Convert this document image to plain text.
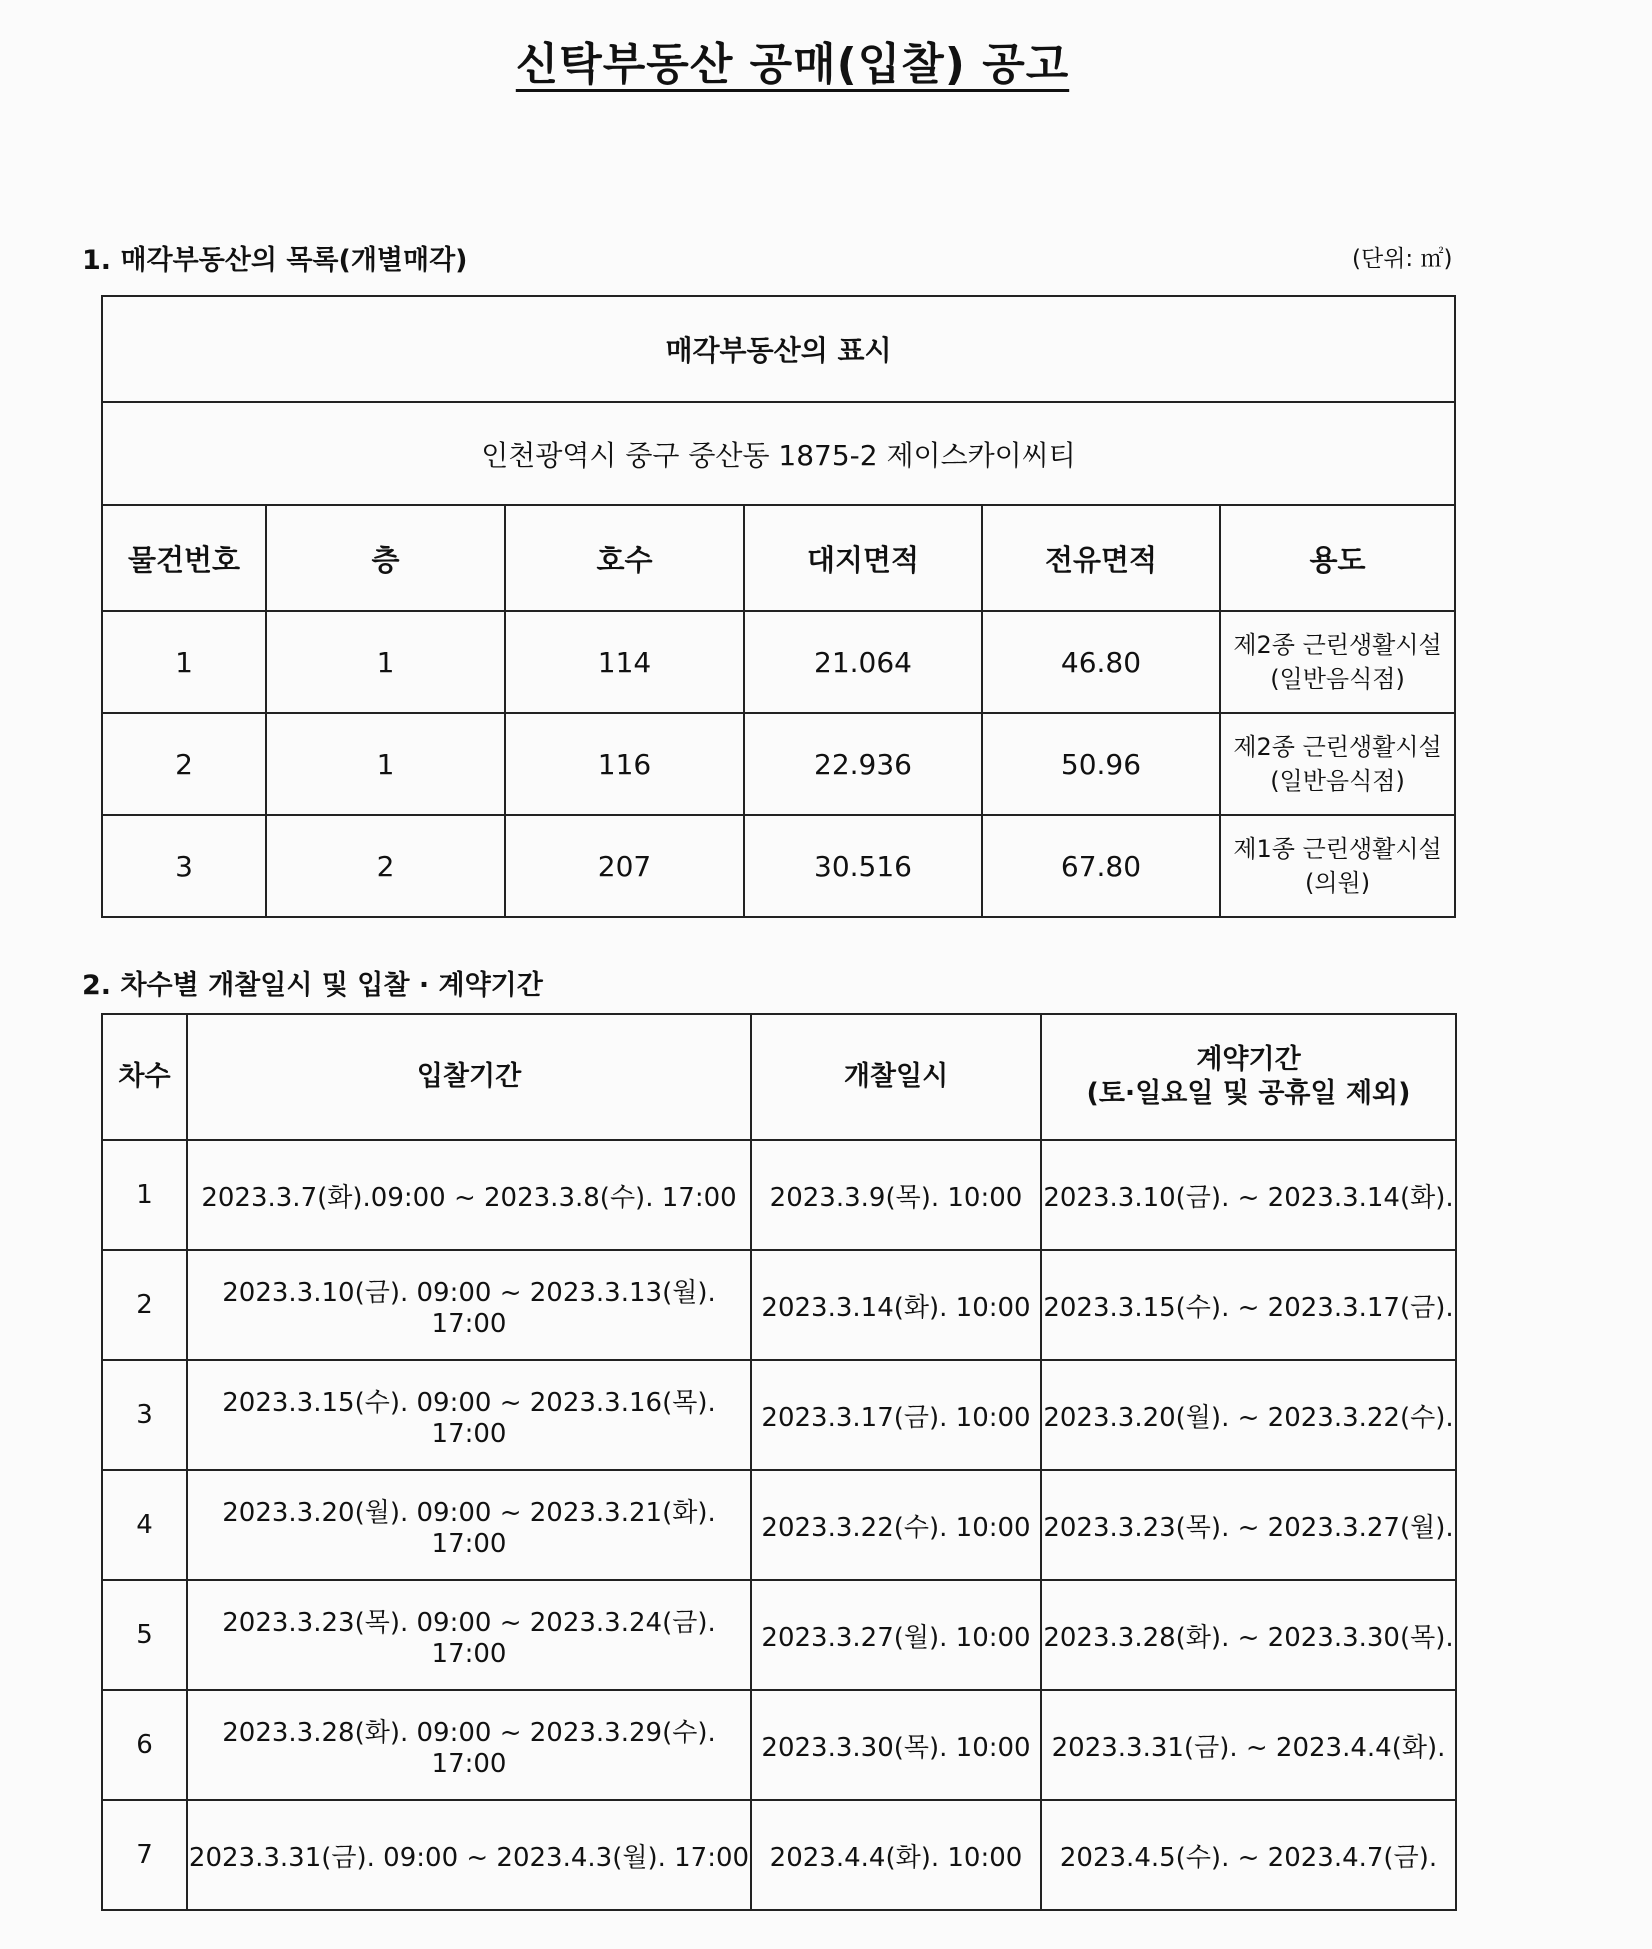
신탁부동산 공매(입찰) 공고
1. 매각부동산의 목록(개별매각)	(단위: ㎡)
매각부동산의 표시					
인천광역시 중구 중산동 1875-2 제이스카이씨티					
물건번호	층	호수	대지면적	전유면적	용도
1	1	114	21.064	46.80	제2종 근린생활시설
(일반음식점)

2	1	116	22.936	50.96	제2종 근린생활시설
(일반음식점)

3	2	207	30.516	67.80	제1종 근린생활시설
(의원)
2. 차수별 개찰일시 및 입찰 · 계약기간
차수	입찰기간	개찰일시	계약기간
(토·일요일 및 공휴일 제외)

1	2023.3.7(화).09:00 ~ 2023.3.8(수). 17:00	2023.3.9(목). 10:00	2023.3.10(금). ~ 2023.3.14(화).
2	2023.3.10(금). 09:00 ~ 2023.3.13(월). 17:00	2023.3.14(화). 10:00	2023.3.15(수). ~ 2023.3.17(금).
3	2023.3.15(수). 09:00 ~ 2023.3.16(목). 17:00	2023.3.17(금). 10:00	2023.3.20(월). ~ 2023.3.22(수).
4	2023.3.20(월). 09:00 ~ 2023.3.21(화). 17:00	2023.3.22(수). 10:00	2023.3.23(목). ~ 2023.3.27(월).
5	2023.3.23(목). 09:00 ~ 2023.3.24(금). 17:00	2023.3.27(월). 10:00	2023.3.28(화). ~ 2023.3.30(목).
6	2023.3.28(화). 09:00 ~ 2023.3.29(수). 17:00	2023.3.30(목). 10:00	2023.3.31(금). ~ 2023.4.4(화).
7	2023.3.31(금). 09:00 ~ 2023.4.3(월). 17:00	2023.4.4(화). 10:00	2023.4.5(수). ~ 2023.4.7(금).
